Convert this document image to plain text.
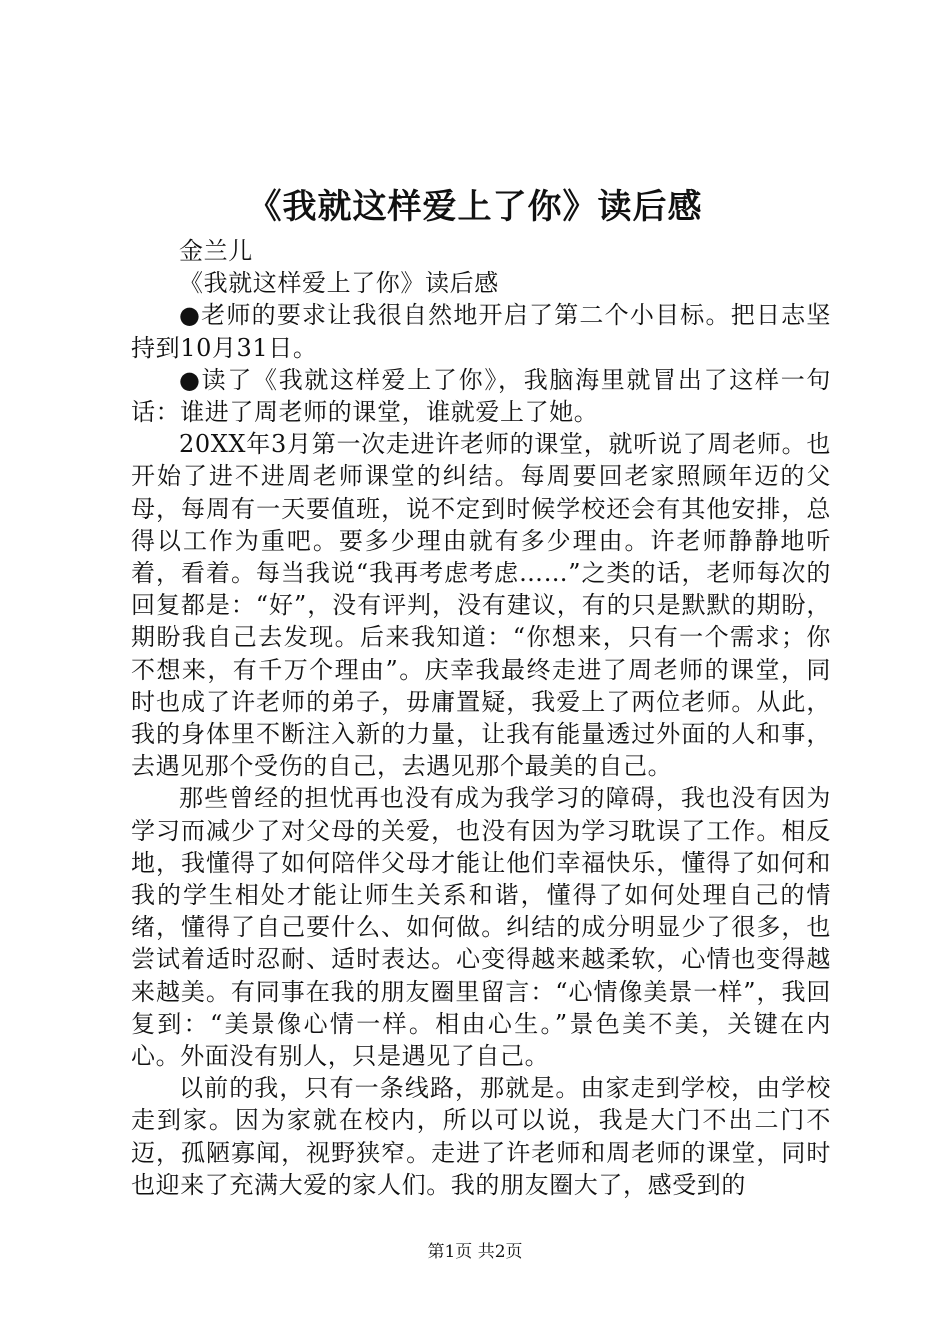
《我就这样爱上了你》读后感

金兰儿

《我就这样爱上了你》读后感

●老师的要求让我很自然地开启了第二个小目标。把日志坚持到10月31日。

●读了《我就这样爱上了你》，我脑海里就冒出了这样一句话：谁进了周老师的课堂，谁就爱上了她。

20XX年3月第一次走进许老师的课堂，就听说了周老师。也开始了进不进周老师课堂的纠结。每周要回老家照顾年迈的父母，每周有一天要值班，说不定到时候学校还会有其他安排，总得以工作为重吧。要多少理由就有多少理由。许老师静静地听着，看着。每当我说“我再考虑考虑……”之类的话，老师每次的回复都是：“好”，没有评判，没有建议，有的只是默默的期盼，期盼我自己去发现。后来我知道：“你想来，只有一个需求；你不想来，有千万个理由”。庆幸我最终走进了周老师的课堂，同时也成了许老师的弟子，毋庸置疑，我爱上了两位老师。从此，我的身体里不断注入新的力量，让我有能量透过外面的人和事，去遇见那个受伤的自己，去遇见那个最美的自己。

那些曾经的担忧再也没有成为我学习的障碍，我也没有因为学习而减少了对父母的关爱，也没有因为学习耽误了工作。相反地，我懂得了如何陪伴父母才能让他们幸福快乐，懂得了如何和我的学生相处才能让师生关系和谐，懂得了如何处理自己的情绪，懂得了自己要什么、如何做。纠结的成分明显少了很多，也尝试着适时忍耐、适时表达。心变得越来越柔软，心情也变得越来越美。有同事在我的朋友圈里留言：“心情像美景一样”，我回复到：“美景像心情一样。相由心生。”景色美不美，关键在内心。外面没有别人，只是遇见了自己。

以前的我，只有一条线路，那就是。由家走到学校，由学校走到家。因为家就在校内，所以可以说，我是大门不出二门不迈，孤陋寡闻，视野狭窄。走进了许老师和周老师的课堂，同时也迎来了充满大爱的家人们。我的朋友圈大了，感受到的

第1页 共2页
